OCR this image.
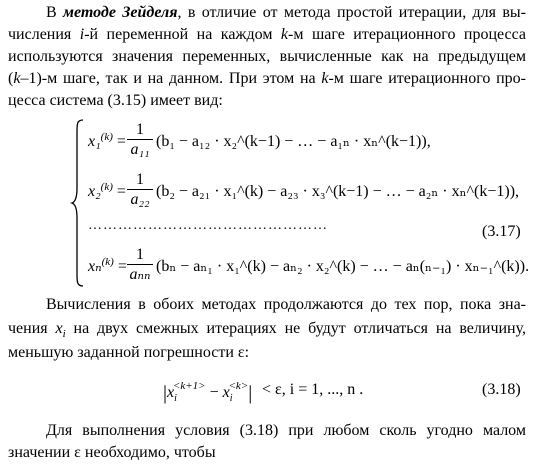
В методе Зейделя, в отличие от метода простой итерации, для вы-
числения i-й переменной на каждом k-м шаге итерационного процесса
используются значения переменных, вычисленные как на предыдущем
(k–1)-м шаге, так и на данном. При этом на k-м шаге итерационного про-
цесса система (3.15) имеет вид:
x₁$^{(k)}$ =
1
a₁₁ (b₁ − a₁₂ · x₂^(k−1) − … − a₁ₙ · xₙ^(k−1)),
x₂$^{(k)}$ =
1
a₂₂ (b₂ − a₂₁ · x₁^(k) − a₂₃ · x₃^(k−1) − … − a₂ₙ · xₙ^(k−1)),
(3.17)
…………………………………………
xₙ$^{(k)}$ =
1
aₙₙ (bₙ − aₙ₁ · x₁^(k) − aₙ₂ · x₂^(k) − … − aₙ(ₙ₋₁) · xₙ₋₁^(k)).
Вычисления в обоих методах продолжаются до тех пор, пока зна-
чения $x_i$ на двух смежных итерациях не будут отличаться на величину,
меньшую заданной погрешности ε:
$|x_i^{<k+1>} - x_i^{<k>}| < \varepsilon$, i = 1, ..., n .	(3.18)
Для выполнения условия (3.18) при любом сколь угодно малом
значении ε необходимо, чтобы
